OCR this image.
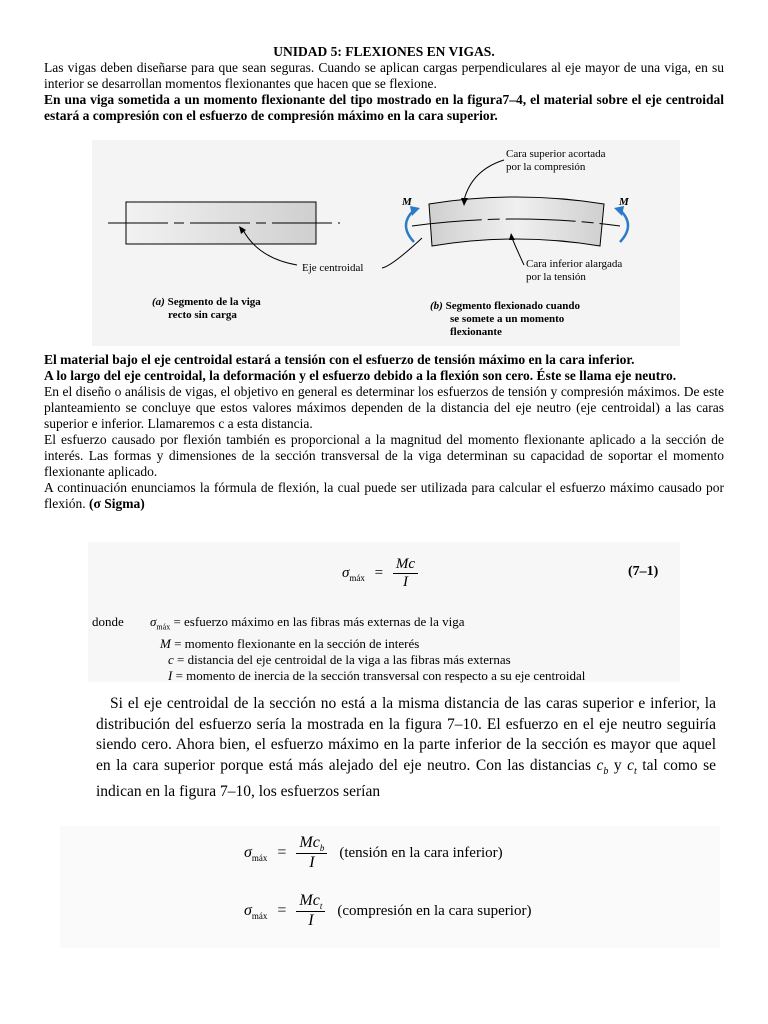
UNIDAD 5: FLEXIONES EN VIGAS.

Las vigas deben diseñarse para que sean seguras. Cuando se aplican cargas perpendiculares al eje mayor de una viga, en su interior se desarrollan momentos flexionantes que hacen que se flexione.

En una viga sometida a un momento flexionante del tipo mostrado en la figura7–4, el material sobre el eje centroidal estará a compresión con el esfuerzo de compresión máximo en la cara superior.

Cara superior acortada
por la compresión
M	M
Eje centroidal	Cara inferior alargada
por la tensión
(a) Segmento de la viga
recto sin carga
(b) Segmento flexionado cuando
se somete a un momento
flexionante

El material bajo el eje centroidal estará a tensión con el esfuerzo de tensión máximo en la cara inferior.

A lo largo del eje centroidal, la deformación y el esfuerzo debido a la flexión son cero. Éste se llama eje neutro.

En el diseño o análisis de vigas, el objetivo en general es determinar los esfuerzos de tensión y compresión máximos. De este planteamiento se concluye que estos valores máximos dependen de la distancia del eje neutro (eje centroidal) a las caras superior e inferior. Llamaremos c a esta distancia.

El esfuerzo causado por flexión también es proporcional a la magnitud del momento flexionante aplicado a la sección de interés. Las formas y dimensiones de la sección transversal de la viga determinan su capacidad de soportar el momento flexionante aplicado.

A continuación enunciamos la fórmula de flexión, la cual puede ser utilizada para calcular el esfuerzo máximo causado por flexión. (σ Sigma)

$\sigma_{máx} = \frac{Mc}{I}$	(7–1)
donde $\sigma_{máx}$ = esfuerzo máximo en las fibras más externas de la viga
M = momento flexionante en la sección de interés
c = distancia del eje centroidal de la viga a las fibras más externas
I = momento de inercia de la sección transversal con respecto a su eje centroidal
Si el eje centroidal de la sección no está a la misma distancia de las caras superior e inferior, la distribución del esfuerzo sería la mostrada en la figura 7–10. El esfuerzo en el eje neutro seguiría siendo cero. Ahora bien, el esfuerzo máximo en la parte inferior de la sección es mayor que aquel en la cara superior porque está más alejado del eje neutro. Con las distancias $c_b$ y $c_t$ tal como se indican en la figura 7–10, los esfuerzos serían
$\sigma_{máx}$ =
$Mc_b$
I
(tensión en la cara inferior)
$\sigma_{máx}$ =
$Mc_t$
I
(compresión en la cara superior)
